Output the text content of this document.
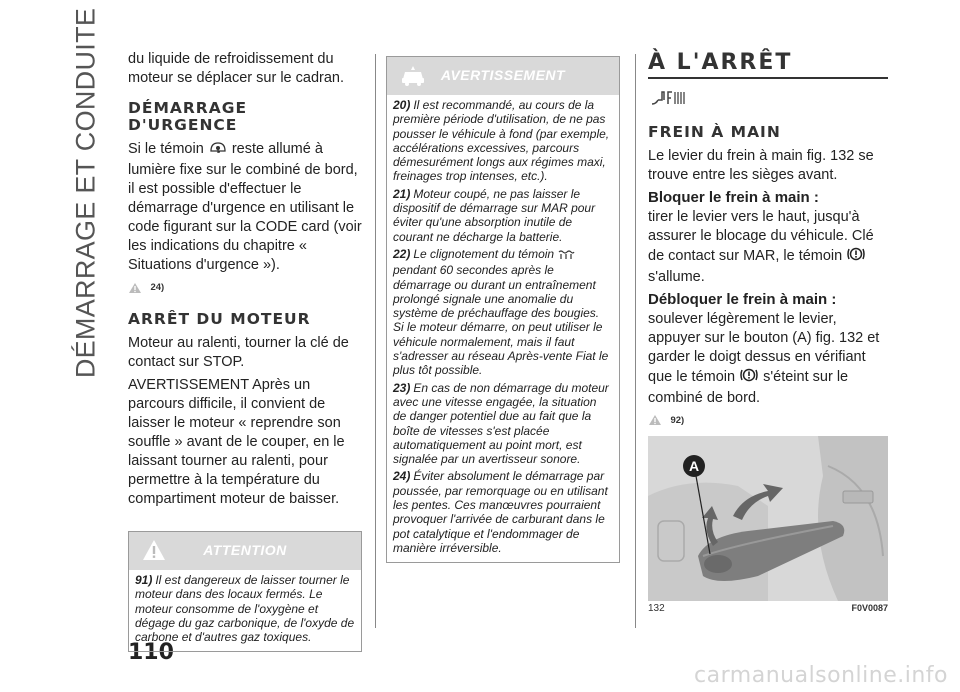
DÉMARRAGE ET CONDUITE
110

du liquide de refroidissement du moteur se déplacer sur le cadran.

DÉMARRAGE D'URGENCE

Si le témoin reste allumé à lumière fixe sur le combiné de bord, il est possible d'effectuer le démarrage d'urgence en utilisant le code figurant sur la CODE card (voir les indications du chapitre « Situations d'urgence »).

24)
ARRÊT DU MOTEUR

Moteur au ralenti, tourner la clé de contact sur STOP.

AVERTISSEMENT Après un parcours difficile, il convient de laisser le moteur « reprendre son souffle » avant de le couper, en le laissant tourner au ralenti, pour permettre à la température du compartiment moteur de baisser.

ATTENTION

91) Il est dangereux de laisser tourner le moteur dans des locaux fermés. Le moteur consomme de l'oxygène et dégage du gaz carbonique, de l'oxyde de carbone et d'autres gaz toxiques.

AVERTISSEMENT

20) Il est recommandé, au cours de la première période d'utilisation, de ne pas pousser le véhicule à fond (par exemple, accélérations excessives, parcours démesurément longs aux régimes maxi, freinages trop intenses, etc.).

21) Moteur coupé, ne pas laisser le dispositif de démarrage sur MAR pour éviter qu'une absorption inutile de courant ne décharge la batterie.

22) Le clignotement du témoin  pendant 60 secondes après le démarrage ou durant un entraînement prolongé signale une anomalie du système de préchauffage des bougies. Si le moteur démarre, on peut utiliser le véhicule normalement, mais il faut s'adresser au réseau Après-vente Fiat le plus tôt possible.

23) En cas de non démarrage du moteur avec une vitesse engagée, la situation de danger potentiel due au fait que la boîte de vitesses s'est placée automatiquement au point mort, est signalée par un avertisseur sonore.

24) Éviter absolument le démarrage par poussée, par remorquage ou en utilisant les pentes. Ces manœuvres pourraient provoquer l'arrivée de carburant dans le pot catalytique et l'endommager de manière irréversible.

À L'ARRÊT
FREIN À MAIN

Le levier du frein à main fig. 132 se trouve entre les sièges avant.

Bloquer le frein à main :

tirer le levier vers le haut, jusqu'à assurer le blocage du véhicule. Clé de contact sur MAR, le témoin  s'allume.

Débloquer le frein à main :

soulever légèrement le levier, appuyer sur le bouton (A) fig. 132 et garder le doigt dessus en vérifiant que le témoin s'éteint sur le combiné de bord.

92)
A
132	F0V0087
carmanualsonline.info
